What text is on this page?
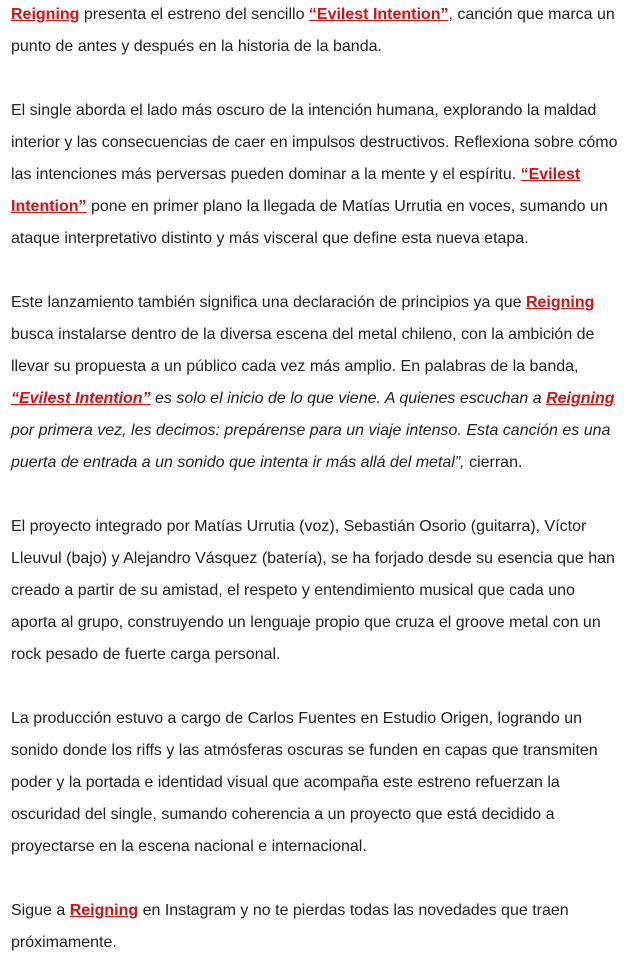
Reigning presenta el estreno del sencillo “Evilest Intention”, canción que marca un
punto de antes y después en la historia de la banda.

El single aborda el lado más oscuro de la intención humana, explorando la maldad
interior y las consecuencias de caer en impulsos destructivos. Reflexiona sobre cómo
las intenciones más perversas pueden dominar a la mente y el espíritu. “Evilest
Intention” pone en primer plano la llegada de Matías Urrutia en voces, sumando un
ataque interpretativo distinto y más visceral que define esta nueva etapa.

Este lanzamiento también significa una declaración de principios ya que Reigning
busca instalarse dentro de la diversa escena del metal chileno, con la ambición de
llevar su propuesta a un público cada vez más amplio. En palabras de la banda,
“Evilest Intention” es solo el inicio de lo que viene. A quienes escuchan a Reigning
por primera vez, les decimos: prepárense para un viaje intenso. Esta canción es una
puerta de entrada a un sonido que intenta ir más allá del metal”, cierran.

El proyecto integrado por Matías Urrutia (voz), Sebastián Osorio (guitarra), Víctor
Lleuvul (bajo) y Alejandro Vásquez (batería), se ha forjado desde su esencia que han
creado a partir de su amistad, el respeto y entendimiento musical que cada uno
aporta al grupo, construyendo un lenguaje propio que cruza el groove metal con un
rock pesado de fuerte carga personal.

La producción estuvo a cargo de Carlos Fuentes en Estudio Origen, logrando un
sonido donde los riffs y las atmósferas oscuras se funden en capas que transmiten
poder y la portada e identidad visual que acompaña este estreno refuerzan la
oscuridad del single, sumando coherencia a un proyecto que está decidido a
proyectarse en la escena nacional e internacional.

Sigue a Reigning en Instagram y no te pierdas todas las novedades que traen
próximamente.
